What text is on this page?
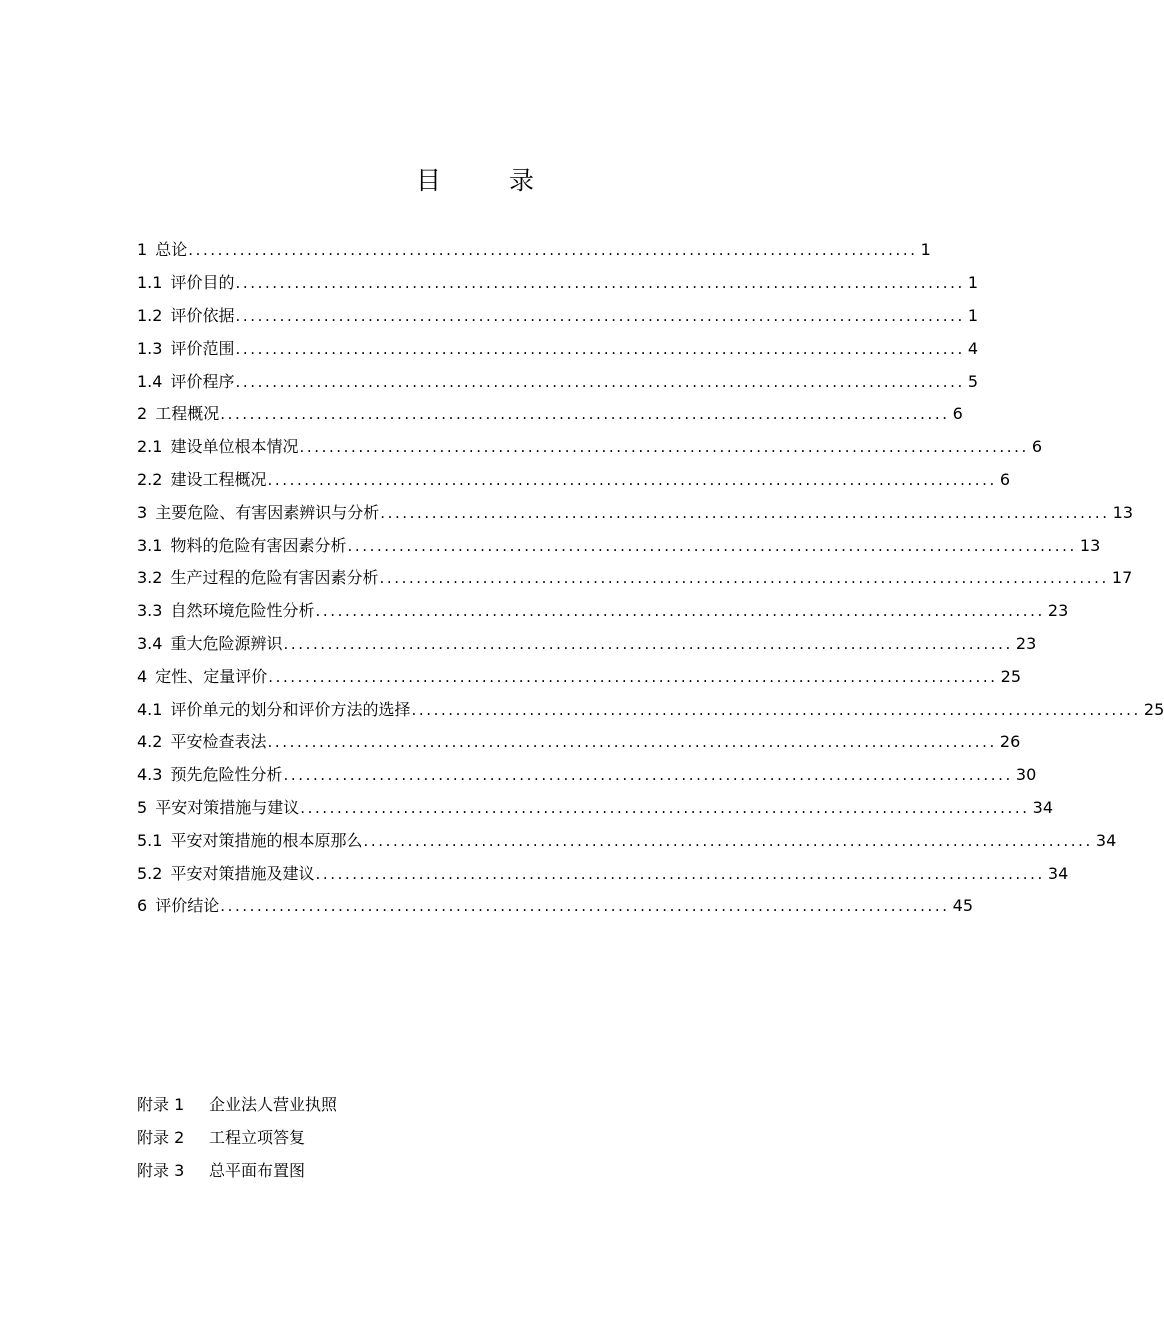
目 录
1 总论 ................................................................................................... 1
1.1 评价目的 ................................................................................................... 1
1.2 评价依据 ................................................................................................... 1
1.3 评价范围 ................................................................................................... 4
1.4 评价程序 ................................................................................................... 5
2 工程概况 ................................................................................................... 6
2.1 建设单位根本情况 ................................................................................................... 6
2.2 建设工程概况 ................................................................................................... 6
3 主要危险、有害因素辨识与分析 ................................................................................................... 13
3.1 物料的危险有害因素分析 ................................................................................................... 13
3.2 生产过程的危险有害因素分析 ................................................................................................... 17
3.3 自然环境危险性分析 ................................................................................................... 23
3.4 重大危险源辨识 ................................................................................................... 23
4 定性、定量评价 ................................................................................................... 25
4.1 评价单元的划分和评价方法的选择 ................................................................................................... 25
4.2 平安检查表法 ................................................................................................... 26
4.3 预先危险性分析 ................................................................................................... 30
5 平安对策措施与建议 ................................................................................................... 34
5.1 平安对策措施的根本原那么 ................................................................................................... 34
5.2 平安对策措施及建议 ................................................................................................... 34
6 评价结论 ................................................................................................... 45
附录 1	企业法人营业执照
附录 2	工程立项答复
附录 3	总平面布置图
